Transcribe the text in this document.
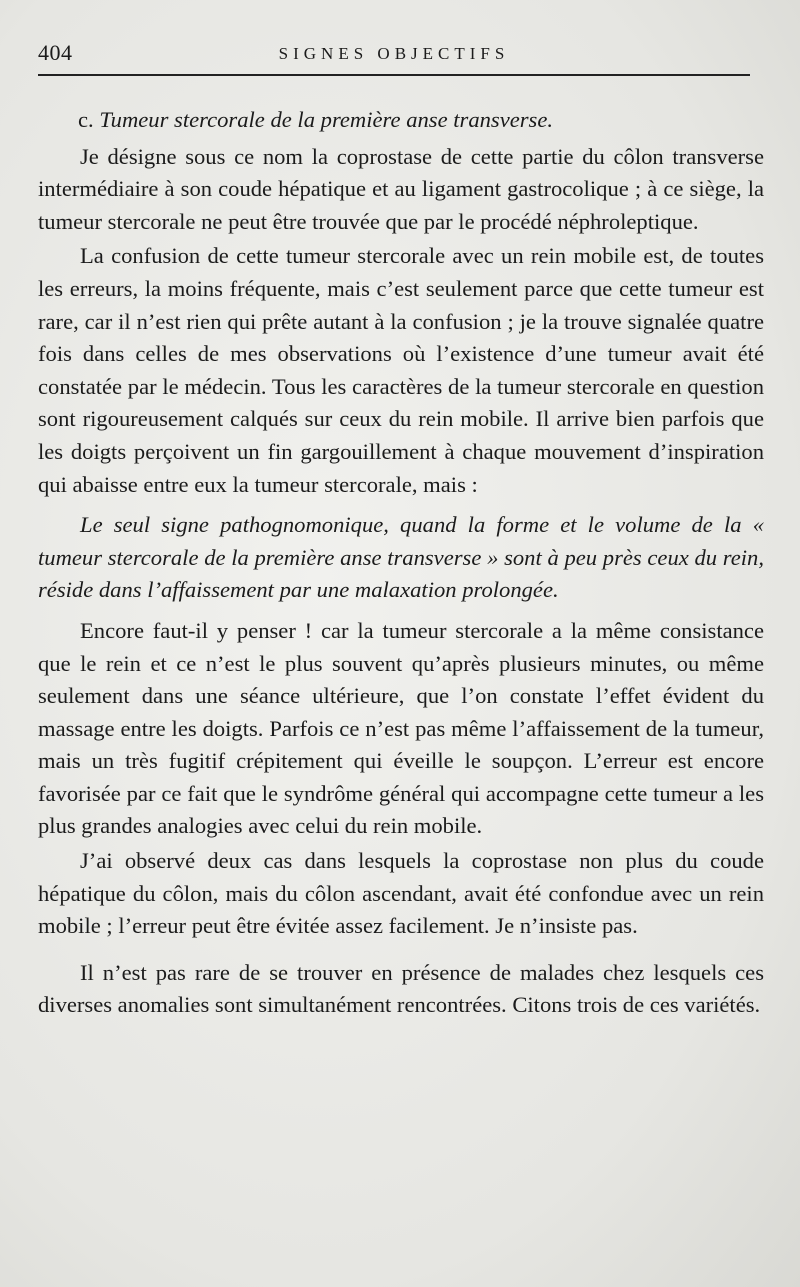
404	SIGNES OBJECTIFS
c. Tumeur stercorale de la première anse transverse.

Je désigne sous ce nom la coprostase de cette partie du côlon transverse intermédiaire à son coude hépatique et au ligament gastrocolique ; à ce siège, la tumeur stercorale ne peut être trouvée que par le procédé néphroleptique.

La confusion de cette tumeur stercorale avec un rein mobile est, de toutes les erreurs, la moins fréquente, mais c’est seulement parce que cette tumeur est rare, car il n’est rien qui prête autant à la confusion ; je la trouve signalée quatre fois dans celles de mes observations où l’existence d’une tumeur avait été constatée par le médecin. Tous les caractères de la tumeur stercorale en question sont rigoureusement calqués sur ceux du rein mobile. Il arrive bien parfois que les doigts perçoivent un fin gargouillement à chaque mouvement d’inspiration qui abaisse entre eux la tumeur stercorale, mais :

Le seul signe pathognomonique, quand la forme et le volume de la « tumeur stercorale de la première anse transverse » sont à peu près ceux du rein, réside dans l’affaissement par une malaxation prolongée.

Encore faut-il y penser ! car la tumeur stercorale a la même consistance que le rein et ce n’est le plus souvent qu’après plusieurs minutes, ou même seulement dans une séance ultérieure, que l’on constate l’effet évident du massage entre les doigts. Parfois ce n’est pas même l’affaissement de la tumeur, mais un très fugitif crépitement qui éveille le soupçon. L’erreur est encore favorisée par ce fait que le syndrôme général qui accompagne cette tumeur a les plus grandes analogies avec celui du rein mobile.

J’ai observé deux cas dans lesquels la coprostase non plus du coude hépatique du côlon, mais du côlon ascendant, avait été confondue avec un rein mobile ; l’erreur peut être évitée assez facilement. Je n’insiste pas.

Il n’est pas rare de se trouver en présence de malades chez lesquels ces diverses anomalies sont simultanément rencontrées. Citons trois de ces variétés.
